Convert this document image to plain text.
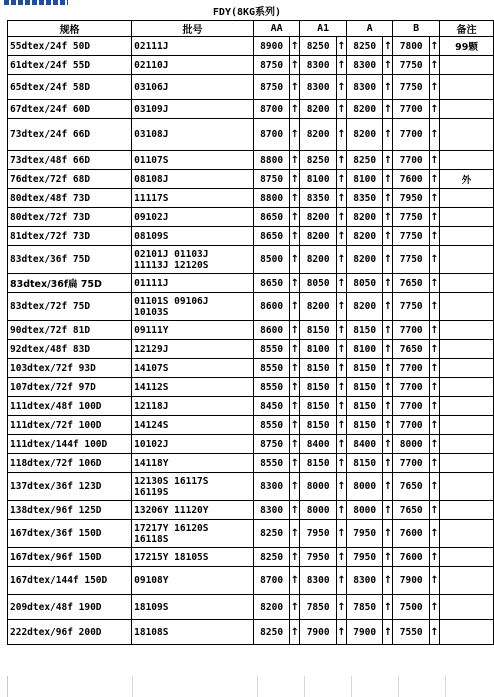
FDY(8KG系列)
规格	批号	AA		A1		A		B		备注
55dtex/24f 50D	02111J	8900	↑	8250	↑	8250	↑	7800	↑	99颗
61dtex/24f 55D	02110J	8750	↑	8300	↑	8300	↑	7750	↑	
65dtex/24f 58D	03106J	8750	↑	8300	↑	8300	↑	7750	↑	
67dtex/24f 60D	03109J	8700	↑	8200	↑	8200	↑	7700	↑	
73dtex/24f 66D	03108J	8700	↑	8200	↑	8200	↑	7700	↑	
73dtex/48f 66D	01107S	8800	↑	8250	↑	8250	↑	7700	↑	
76dtex/72f 68D	08108J	8750	↑	8100	↑	8100	↑	7600	↑	外
80dtex/48f 73D	11117S	8800	↑	8350	↑	8350	↑	7950	↑	
80dtex/72f 73D	09102J	8650	↑	8200	↑	8200	↑	7750	↑	
81dtex/72f 73D	08109S	8650	↑	8200	↑	8200	↑	7750	↑	
83dtex/36f 75D	02101J 01103J
11113J 12120S	8500	↑	8200	↑	8200	↑	7750	↑	
83dtex/36f扁 75D	01111J	8650	↑	8050	↑	8050	↑	7650	↑	
83dtex/72f 75D	01101S 09106J
10103S	8600	↑	8200	↑	8200	↑	7750	↑	
90dtex/72f 81D	09111Y	8600	↑	8150	↑	8150	↑	7700	↑	
92dtex/48f 83D	12129J	8550	↑	8100	↑	8100	↑	7650	↑	
103dtex/72f 93D	14107S	8550	↑	8150	↑	8150	↑	7700	↑	
107dtex/72f 97D	14112S	8550	↑	8150	↑	8150	↑	7700	↑	
111dtex/48f 100D	12118J	8450	↑	8150	↑	8150	↑	7700	↑	
111dtex/72f 100D	14124S	8550	↑	8150	↑	8150	↑	7700	↑	
111dtex/144f 100D	10102J	8750	↑	8400	↑	8400	↑	8000	↑	
118dtex/72f 106D	14118Y	8550	↑	8150	↑	8150	↑	7700	↑	
137dtex/36f 123D	12130S 16117S
16119S	8300	↑	8000	↑	8000	↑	7650	↑	
138dtex/96f 125D	13206Y 11120Y	8300	↑	8000	↑	8000	↑	7650	↑	
167dtex/36f 150D	17217Y 16120S
16118S	8250	↑	7950	↑	7950	↑	7600	↑	
167dtex/96f 150D	17215Y 18105S	8250	↑	7950	↑	7950	↑	7600	↑	
167dtex/144f 150D	09108Y	8700	↑	8300	↑	8300	↑	7900	↑	
209dtex/48f 190D	18109S	8200	↑	7850	↑	7850	↑	7500	↑	
222dtex/96f 200D	18108S	8250	↑	7900	↑	7900	↑	7550	↑	
